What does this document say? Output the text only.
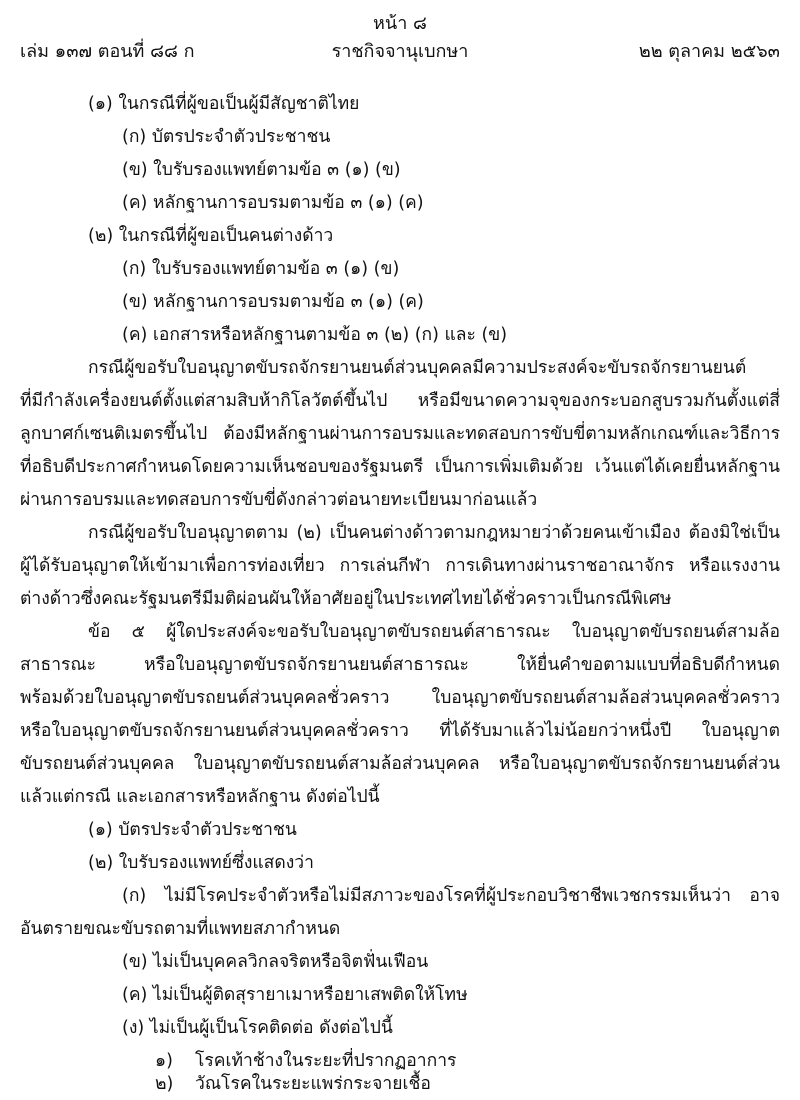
หน้า ๘
เล่ม ๑๓๗ ตอนที่ ๘๘ ก	ราชกิจจานุเบกษา	๒๒ ตุลาคม ๒๕๖๓
(๑) ในกรณีที่ผู้ขอเป็นผู้มีสัญชาติไทย
(ก) บัตรประจำตัวประชาชน
(ข) ใบรับรองแพทย์ตามข้อ ๓ (๑) (ข)
(ค) หลักฐานการอบรมตามข้อ ๓ (๑) (ค)
(๒) ในกรณีที่ผู้ขอเป็นคนต่างด้าว
(ก) ใบรับรองแพทย์ตามข้อ ๓ (๑) (ข)
(ข) หลักฐานการอบรมตามข้อ ๓ (๑) (ค)
(ค) เอกสารหรือหลักฐานตามข้อ ๓ (๒) (ก) และ (ข)
กรณีผู้ขอรับใบอนุญาตขับรถจักรยานยนต์ส่วนบุคคลมีความประสงค์จะขับรถจักรยานยนต์
ที่มีกำลังเครื่องยนต์ตั้งแต่สามสิบห้ากิโลวัตต์ขึ้นไป หรือมีขนาดความจุของกระบอกสูบรวมกันตั้งแต่สี่
ลูกบาศก์เซนติเมตรขึ้นไป ต้องมีหลักฐานผ่านการอบรมและทดสอบการขับขี่ตามหลักเกณฑ์และวิธีการ
ที่อธิบดีประกาศกำหนดโดยความเห็นชอบของรัฐมนตรี เป็นการเพิ่มเติมด้วย เว้นแต่ได้เคยยื่นหลักฐาน
ผ่านการอบรมและทดสอบการขับขี่ดังกล่าวต่อนายทะเบียนมาก่อนแล้ว
กรณีผู้ขอรับใบอนุญาตตาม (๒) เป็นคนต่างด้าวตามกฎหมายว่าด้วยคนเข้าเมือง ต้องมิใช่เป็น
ผู้ได้รับอนุญาตให้เข้ามาเพื่อการท่องเที่ยว การเล่นกีฬา การเดินทางผ่านราชอาณาจักร หรือแรงงาน
ต่างด้าวซึ่งคณะรัฐมนตรีมีมติผ่อนผันให้อาศัยอยู่ในประเทศไทยได้ชั่วคราวเป็นกรณีพิเศษ
ข้อ ๕ ผู้ใดประสงค์จะขอรับใบอนุญาตขับรถยนต์สาธารณะ ใบอนุญาตขับรถยนต์สามล้อ
สาธารณะ หรือใบอนุญาตขับรถจักรยานยนต์สาธารณะ ให้ยื่นคำขอตามแบบที่อธิบดีกำหนด
พร้อมด้วยใบอนุญาตขับรถยนต์ส่วนบุคคลชั่วคราว ใบอนุญาตขับรถยนต์สามล้อส่วนบุคคลชั่วคราว
หรือใบอนุญาตขับรถจักรยานยนต์ส่วนบุคคลชั่วคราว ที่ได้รับมาแล้วไม่น้อยกว่าหนึ่งปี ใบอนุญาต
ขับรถยนต์ส่วนบุคคล ใบอนุญาตขับรถยนต์สามล้อส่วนบุคคล หรือใบอนุญาตขับรถจักรยานยนต์ส่วน
แล้วแต่กรณี และเอกสารหรือหลักฐาน ดังต่อไปนี้
(๑) บัตรประจำตัวประชาชน
(๒) ใบรับรองแพทย์ซึ่งแสดงว่า
(ก) ไม่มีโรคประจำตัวหรือไม่มีสภาวะของโรคที่ผู้ประกอบวิชาชีพเวชกรรมเห็นว่า อาจ
อันตรายขณะขับรถตามที่แพทยสภากำหนด
(ข) ไม่เป็นบุคคลวิกลจริตหรือจิตฟั่นเฟือน
(ค) ไม่เป็นผู้ติดสุรายาเมาหรือยาเสพติดให้โทษ
(ง) ไม่เป็นผู้เป็นโรคติดต่อ ดังต่อไปนี้
๑) โรคเท้าช้างในระยะที่ปรากฏอาการ
๒) วัณโรคในระยะแพร่กระจายเชื้อ
